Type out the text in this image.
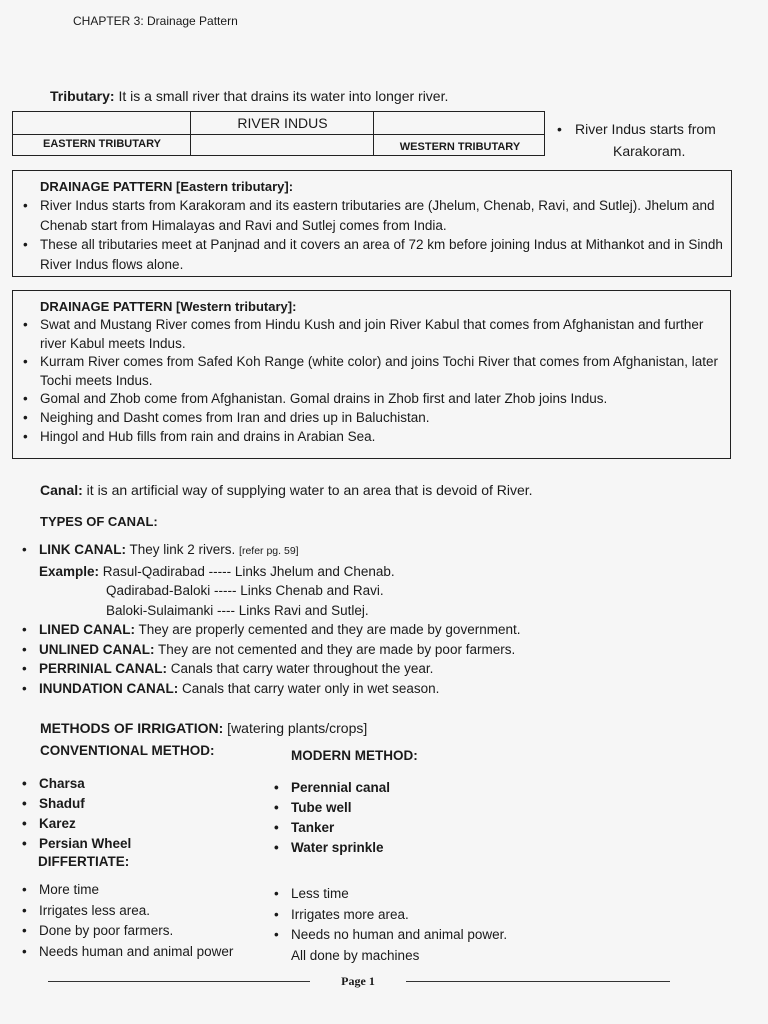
CHAPTER 3: Drainage Pattern
Tributary: It is a small river that drains its water into longer river.
RIVER INDUS
EASTERN TRIBUTARY	WESTERN TRIBUTARY
• River Indus starts from
Karakoram.
DRAINAGE PATTERN [Eastern tributary]:
• River Indus starts from Karakoram and its eastern tributaries are (Jhelum, Chenab, Ravi, and Sutlej). Jhelum and Chenab start from Himalayas and Ravi and Sutlej comes from India.
• These all tributaries meet at Panjnad and it covers an area of 72 km before joining Indus at Mithankot and in Sindh River Indus flows alone.
DRAINAGE PATTERN [Western tributary]:
• Swat and Mustang River comes from Hindu Kush and join River Kabul that comes from Afghanistan and further river Kabul meets Indus.
• Kurram River comes from Safed Koh Range (white color) and joins Tochi River that comes from Afghanistan, later Tochi meets Indus.
• Gomal and Zhob come from Afghanistan. Gomal drains in Zhob first and later Zhob joins Indus.
• Neighing and Dasht comes from Iran and dries up in Baluchistan.
• Hingol and Hub fills from rain and drains in Arabian Sea.
Canal: it is an artificial way of supplying water to an area that is devoid of River.
TYPES OF CANAL:
• LINK CANAL: They link 2 rivers. [refer pg. 59]
Example: Rasul-Qadirabad ----- Links Jhelum and Chenab.
Qadirabad-Baloki ----- Links Chenab and Ravi.
Baloki-Sulaimanki ---- Links Ravi and Sutlej.
• LINED CANAL: They are properly cemented and they are made by government.
• UNLINED CANAL: They are not cemented and they are made by poor farmers.
• PERRINIAL CANAL: Canals that carry water throughout the year.
• INUNDATION CANAL: Canals that carry water only in wet season.
METHODS OF IRRIGATION: [watering plants/crops]
CONVENTIONAL METHOD:	MODERN METHOD:
• Charsa
• Shaduf
• Karez
• Persian Wheel
• Perennial canal
• Tube well
• Tanker
• Water sprinkle
DIFFERTIATE:
• More time
• Irrigates less area.
• Done by poor farmers.
• Needs human and animal power
• Less time
• Irrigates more area.
• Needs no human and animal power. All done by machines
Page 1
